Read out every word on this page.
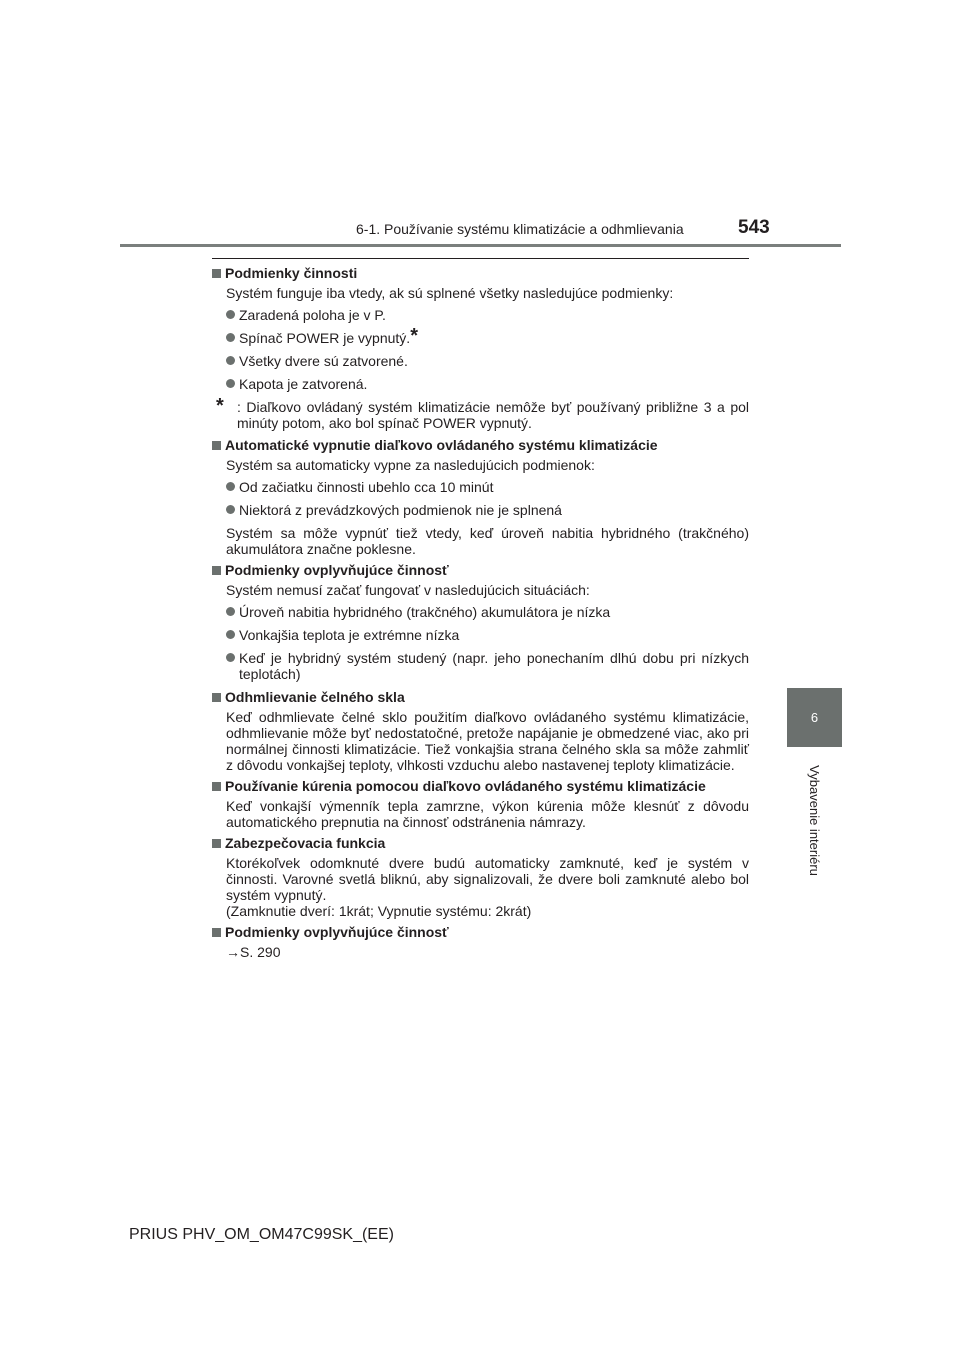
6-1. Používanie systému klimatizácie a odhmlievania	543
6
Vybavenie interiéru
Podmienky činnosti
Systém funguje iba vtedy, ak sú splnené všetky nasledujúce podmienky:
Zaradená poloha je v P.
Spínač POWER je vypnutý.*
Všetky dvere sú zatvorené.
Kapota je zatvorená.
* : Diaľkovo ovládaný systém klimatizácie nemôže byť používaný približne 3 a pol minúty potom, ako bol spínač POWER vypnutý.
Automatické vypnutie diaľkovo ovládaného systému klimatizácie
Systém sa automaticky vypne za nasledujúcich podmienok:
Od začiatku činnosti ubehlo cca 10 minút
Niektorá z prevádzkových podmienok nie je splnená
Systém sa môže vypnúť tiež vtedy, keď úroveň nabitia hybridného (trakčného) akumulátora značne poklesne.
Podmienky ovplyvňujúce činnosť
Systém nemusí začať fungovať v nasledujúcich situáciách:
Úroveň nabitia hybridného (trakčného) akumulátora je nízka
Vonkajšia teplota je extrémne nízka
Keď je hybridný systém studený (napr. jeho ponechaním dlhú dobu pri nízkych teplotách)
Odhmlievanie čelného skla
Keď odhmlievate čelné sklo použitím diaľkovo ovládaného systému klimatizácie, odhmlievanie môže byť nedostatočné, pretože napájanie je obmedzené viac, ako pri normálnej činnosti klimatizácie. Tiež vonkajšia strana čelného skla sa môže zahmliť z dôvodu vonkajšej teploty, vlhkosti vzduchu alebo nastavenej teploty klimatizácie.
Používanie kúrenia pomocou diaľkovo ovládaného systému klimatizácie
Keď vonkajší výmenník tepla zamrzne, výkon kúrenia môže klesnúť z dôvodu automatického prepnutia na činnosť odstránenia námrazy.
Zabezpečovacia funkcia
Ktorékoľvek odomknuté dvere budú automaticky zamknuté, keď je systém v činnosti. Varovné svetlá bliknú, aby signalizovali, že dvere boli zamknuté alebo bol systém vypnutý.
(Zamknutie dverí: 1krát; Vypnutie systému: 2krát)
Podmienky ovplyvňujúce činnosť
→S. 290
PRIUS PHV_OM_OM47C99SK_(EE)
